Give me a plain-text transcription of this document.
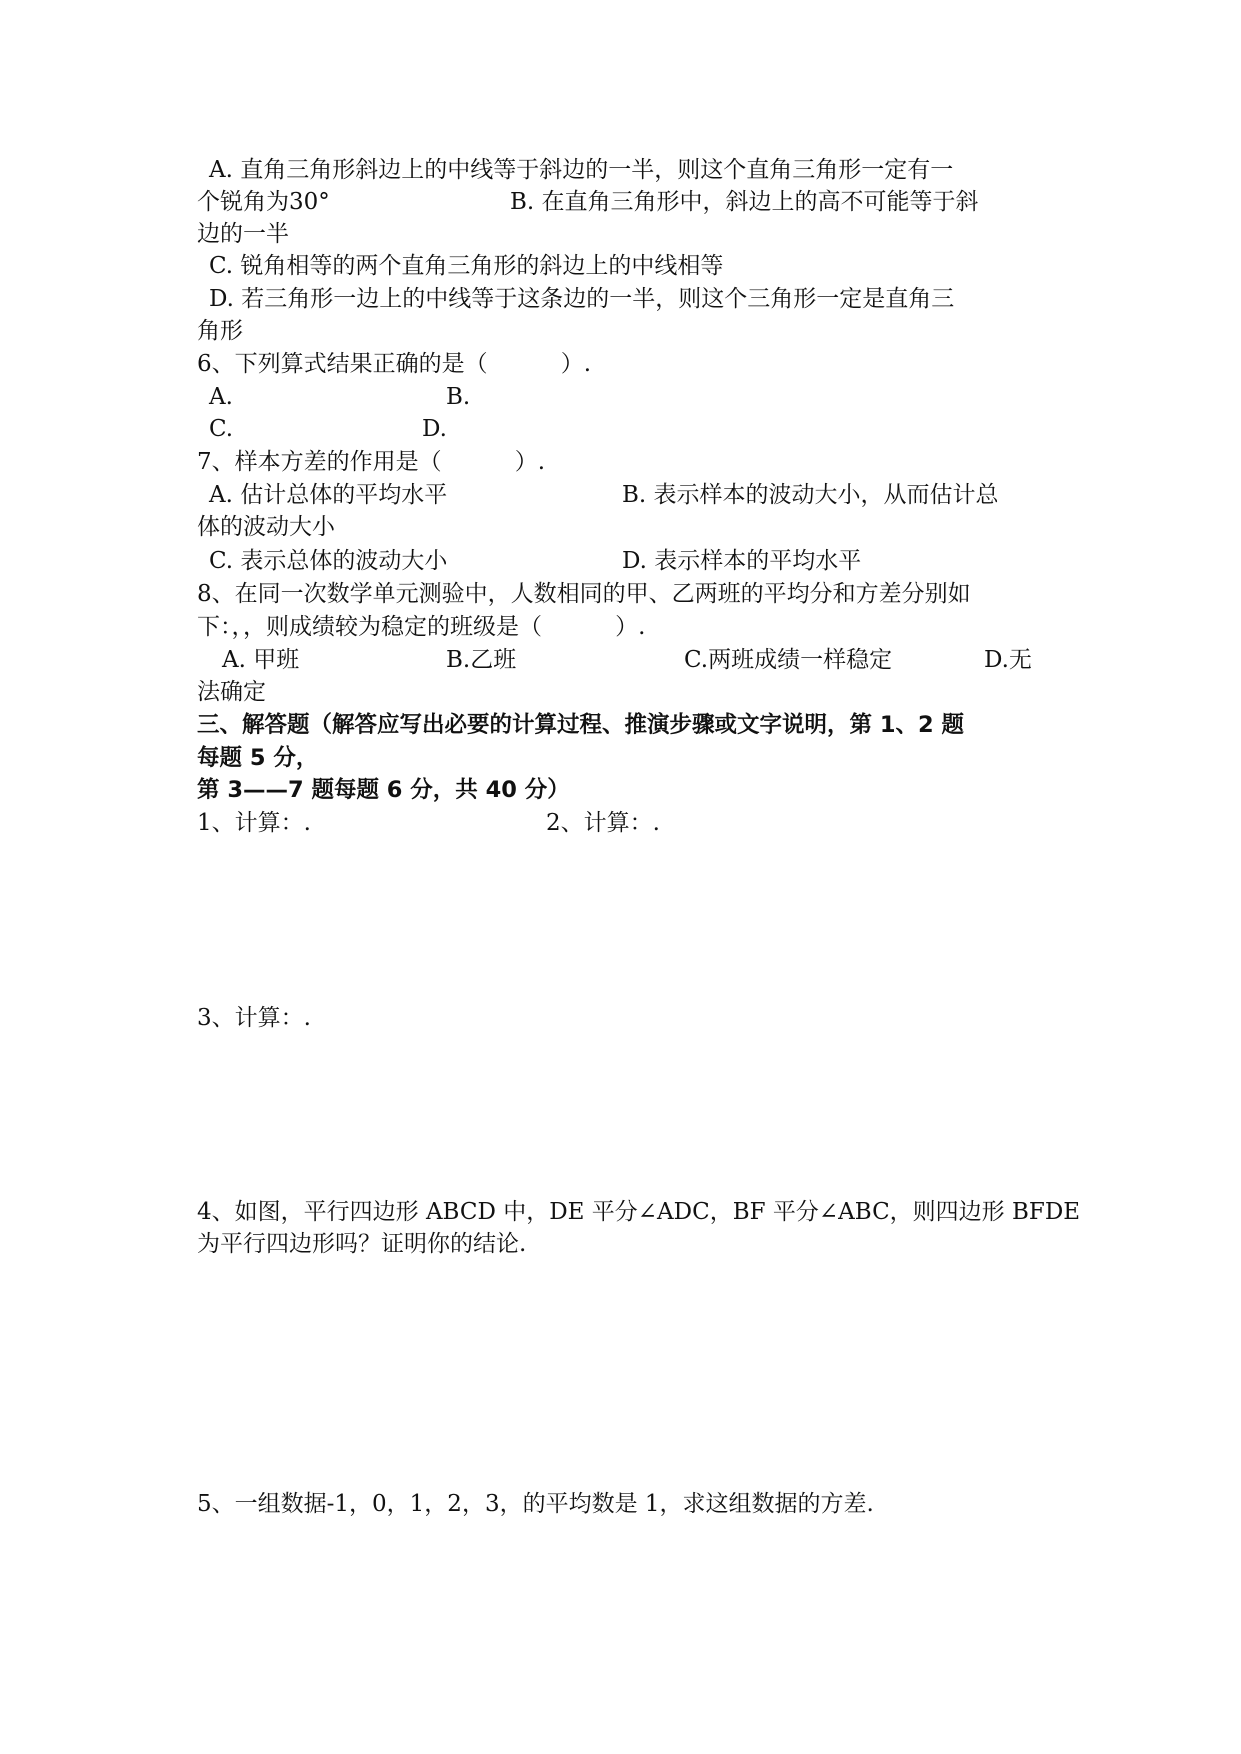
A. 直角三角形斜边上的中线等于斜边的一半，则这个直角三角形一定有一
个锐角为30°	B. 在直角三角形中，斜边上的高不可能等于斜
边的一半
C. 锐角相等的两个直角三角形的斜边上的中线相等
D. 若三角形一边上的中线等于这条边的一半，则这个三角形一定是直角三
角形
6、下列算式结果正确的是（          ）.
A.	B.
C.	D.
7、样本方差的作用是（          ）.
A. 估计总体的平均水平	B. 表示样本的波动大小，从而估计总
体的波动大小
C. 表示总体的波动大小	D. 表示样本的平均水平
8、在同一次数学单元测验中，人数相同的甲、乙两班的平均分和方差分别如
下：，，则成绩较为稳定的班级是（          ）.
A. 甲班	B.乙班	C.两班成绩一样稳定	D.无
法确定
三、解答题（解答应写出必要的计算过程、推演步骤或文字说明，第 1、2 题
每题 5 分，
第 3——7 题每题 6 分，共 40 分）
1、计算：.	2、计算：.
3、计算：.
4、如图，平行四边形 ABCD 中，DE 平分∠ADC，BF 平分∠ABC，则四边形 BFDE
为平行四边形吗？证明你的结论.
5、一组数据-1，0，1，2，3，的平均数是 1，求这组数据的方差.
